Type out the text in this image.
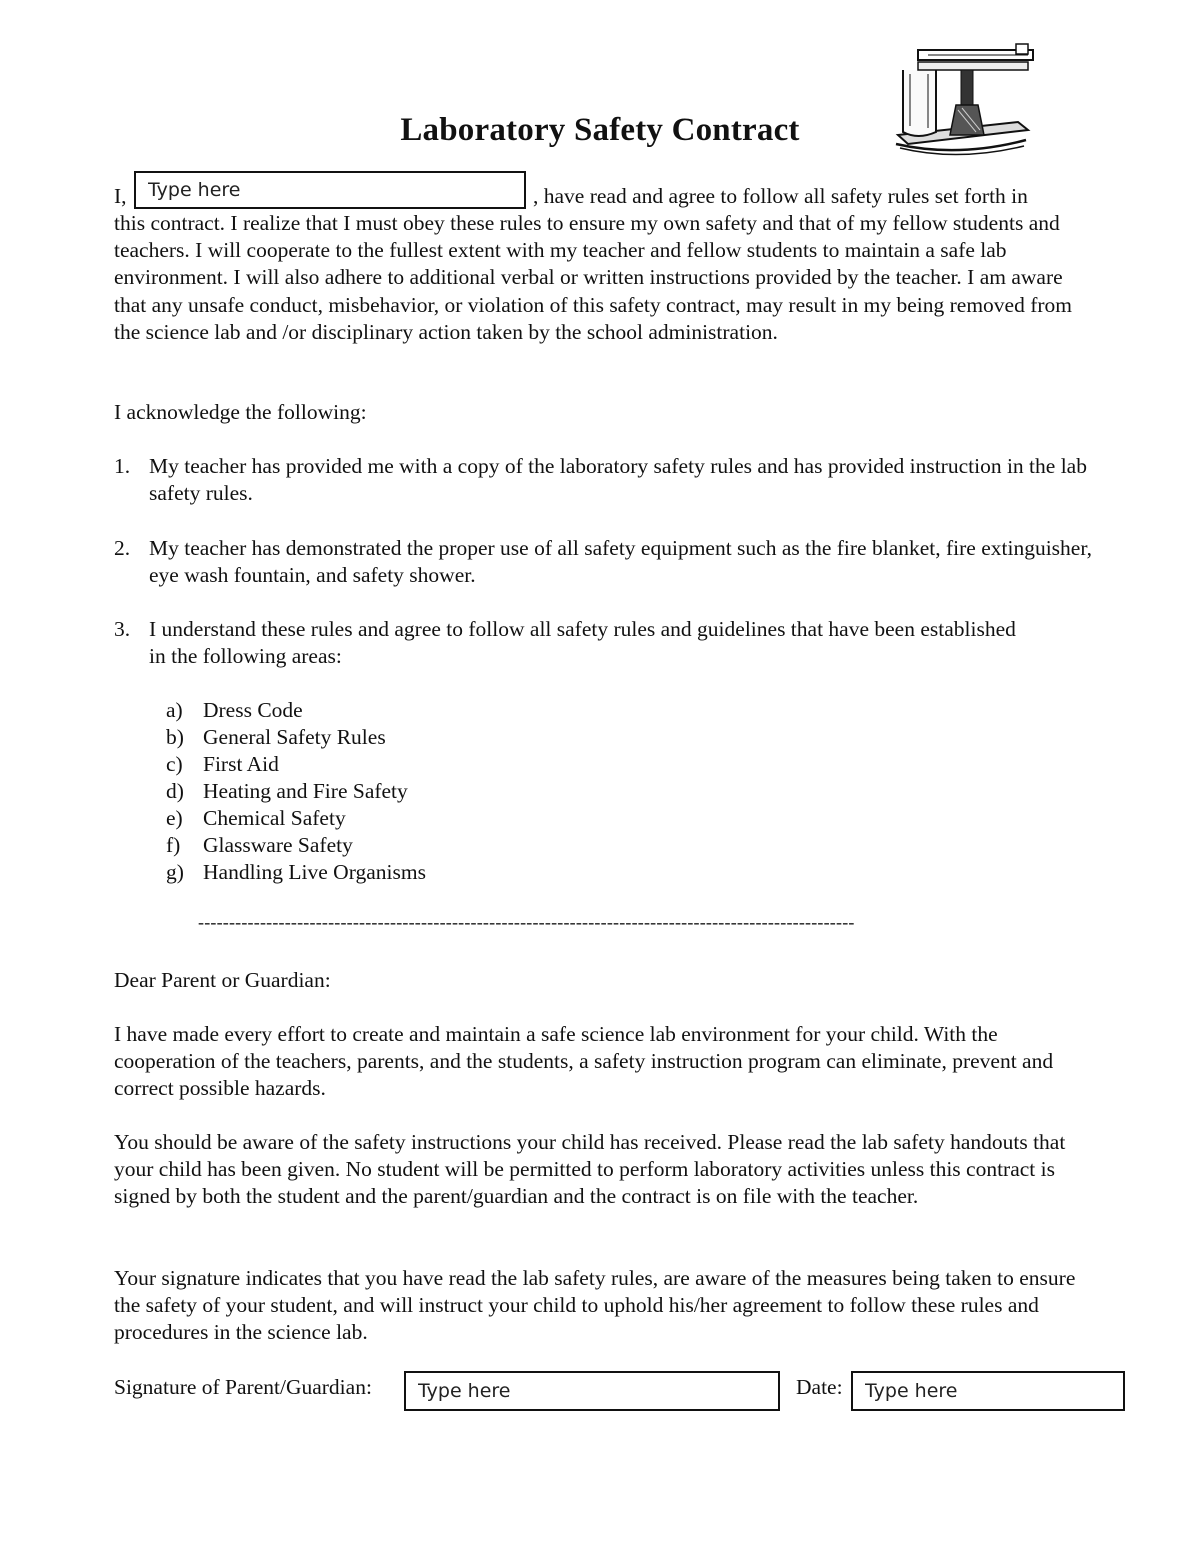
Laboratory Safety Contract
I,
Type here	, have read and agree to follow all safety rules set forth in
this contract. I realize that I must obey these rules to ensure my own safety and that of my fellow students and teachers. I will cooperate to the fullest extent with my teacher and fellow students to maintain a safe lab environment. I will also adhere to additional verbal or written instructions provided by the teacher. I am aware that any unsafe conduct, misbehavior, or violation of this safety contract, may result in my being removed from the science lab and /or disciplinary action taken by the school administration.
I acknowledge the following:
1. My teacher has provided me with a copy of the laboratory safety rules and has provided instruction in the lab safety rules.
2. My teacher has demonstrated the proper use of all safety equipment such as the fire blanket, fire extinguisher, eye wash fountain, and safety shower.
3. I understand these rules and agree to follow all safety rules and guidelines that have been established in the following areas:
a) Dress Code
b) General Safety Rules
c) First Aid
d) Heating and Fire Safety
e) Chemical Safety
f) Glassware Safety
g) Handling Live Organisms
----------------------------------------------------------------------------------------------------------
Dear Parent or Guardian:
I have made every effort to create and maintain a safe science lab environment for your child. With the cooperation of the teachers, parents, and the students, a safety instruction program can eliminate, prevent and correct possible hazards.
You should be aware of the safety instructions your child has received. Please read the lab safety handouts that your child has been given. No student will be permitted to perform laboratory activities unless this contract is signed by both the student and the parent/guardian and the contract is on file with the teacher.
Your signature indicates that you have read the lab safety rules, are aware of the measures being taken to ensure the safety of your student, and will instruct your child to uphold his/her agreement to follow these rules and procedures in the science lab.
Signature of Parent/Guardian:
Type here	Date:
Type here
